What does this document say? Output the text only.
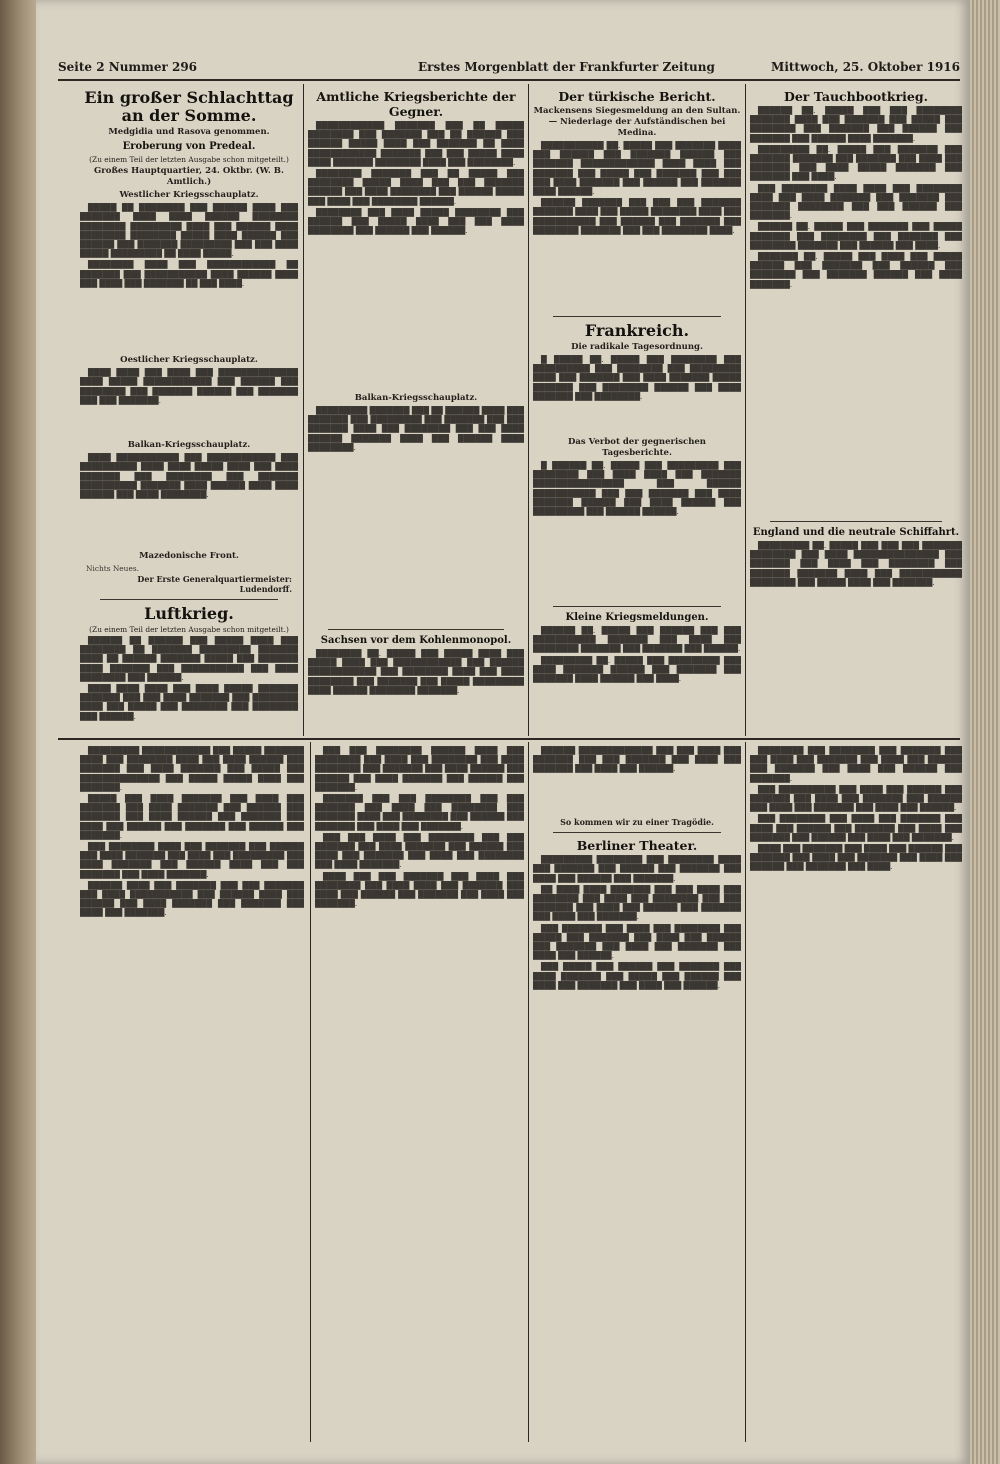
Seite 2 Nummer 296	Erstes Morgenblatt der Frankfurter Zeitung	Mittwoch, 25. Oktober 1916
Ein großer Schlachttag an der Somme.
Medgidia und Rasova genommen.
Eroberung von Predeal.
(Zu einem Teil der letzten Ausgabe schon mitgeteilt.)
Großes Hauptquartier, 24. Oktbr. (W. B. Amtlich.)
Westlicher Kriegsschauplatz.

█████ ██ ████████ ███ ██████ ████ ███ ███████ ████ ████ ██████ ████████ ████████ █████████ ████ ███ ██████ ████ ████████ ████████ █████ ████ ██████ ███ ██████ ███ ███████ █████████ ███ ███ ████ █████ █████████ ██ ████ █████.

████████ ████ ███ ████████████ ██ ███████ ███ ███████████ ████ ██████ ████ ███ ████ ███ ███████ ██ ███ ████.

Oestlicher Kriegsschauplatz.

████ ████ ███ ████ ███ ██████████████ ████ █████ ████████████ ███ ██████ ███ ████████ ███ ███████ ██████ ███ ███████ ███ ███ ███████.

Balkan-Kriegsschauplatz.

████ ███████████ ███ ████████████ ███ ██████████ ████ ████ █████ ████ ███ ████ ███████ ███ ████████ ███ ███████ ██████████ ███████ ████ ██████ ████ ████ ██████ ███ ████ ████████.

Mazedonische Front.
Nichts Neues.
Der Erste Generalquartiermeister: Ludendorff.
Luftkrieg.
(Zu einem Teil der letzten Ausgabe schon mitgeteilt.)

██████ ██ ██████ ███ █████ ████ ███ ████████ ██ ███████ █████████ ███████ ████ ██ ██████ ███████ █████ ███ ███████ ████ ███████ ███ ███████████ ███ ████ ████████ ███ ██████.

████ ████ ████ ███ ████ █████ ███████ ███████ ███ ███ ████ ███████ ███ ████████ ████ ███ █████ ███ ████████ ███ ████████ ███ ██████.

Amtliche Kriegsberichte der Gegner.

████████████ ███████ ███ ██ █████ ████████ ███ ███████ ███ ██ ██████ ███ ██████ █████ ████ ███ ███████ ██ ████ ████████████ ███████ ███ ███ █████ ████ ████ ███████ ████████ ████ ███ ████████.

████████ ███████ ███ ██ █████ ███ ████████ █████ ████ ███ ███ ███████ ██████ ███ ████ ████████ ███ ██████ █████ ███ ████ ███ ████████ ██████.

████████ ███ ████ █████ ████████ ███ ██████ ███ █████ ████ ███ ███ ████ ████████ ███ ██████ ███ ██████.

Balkan-Kriegsschauplatz.

█████████ ███████ ███ ██ ██████ ████ ███ ███████ ███ █████████ ███ ███████ ███ ███ ███████ ████ ███ ████████ ███ ███ ████ ██████ ███████ ████ ███ ██████ ████ ████████.

Sachsen vor dem Kohlenmonopol.

████████ ██. █████ ███ █████ ████ ███ █████ ████ ███ ████████████ ███ ██████ ████████████ ███ ████████ ████ ███ ████ ████████ ███ ███████ ███ █████ █████████ ████ ██████ ████████ ███████.

Der türkische Bericht.
Mackensens Siegesmeldung an den Sultan. — Niederlage der Aufständischen bei Medina.

███████████ ██. █████ ███ ███████ ████ ███ ██████ ███ ███████ ██████ ███ ███████ █████████████ ████ ████ ███ ███████ ███ █████ ███ ███████ ███ ███ ███ ████ ███████ ███ ██████ ███ ███████ ████ ██████.

██████ ███████ ███ ███ ███ ███████ ███████ ████ ███ █████ ████████ ████ ███ ███████████ ███ ██████ ███ ███████ ███ ████████ ███████ ███ ███ ████████ ████.

Frankreich.
Die radikale Tagesordnung.

█ █████ ██. █████ ███ ████████ ███ ██████████ ███ ████████ ███ █████████ ████ ███ ███████ ███ ████ ███████ █████ ███████ ███ ████████ ██████ ███ ████ ███████ ███ ████████.

Das Verbot der gegnerischen Tagesberichte.

█ ██████ ██. █████ ███ █████████ ███ ████████ ███ ████ ████ ███ ███████ ████████████████ ███ ██████ ███████████ ███ ███ ███████ ███ ████ ███████ ██████ ███ ████ ██████ ███ █████████ ███ ██████ ██████.

Kleine Kriegsmeldungen.

██████ ██. █████ ███ ██████ ███ ███ ███████████ ███████ ███ ████ ███ ████████ ███████ ███ ███████ ███ ██████.

█████████ ██. █████ ███ █████████ ███ ████ ███████ ██████ ███ ███████ ███ ███████ ████ ██████ ███ ████.

Der Tauchbootkrieg.

██████ ██. █████ ███ ███ ████████ ███████ ████ ███ ███████ ███ █████ ███ ████████ ███ ███████ ███ ██████ ███ ███████ ███ ██████ ████ ███████.

█████████ ██. █████ ███ ███████ ███ ███████ ███████ ███ ███████ ███ ████ ███ ███████ ███ ████ █████ ███████ ███ ███████ ███ ████.

███ ████████ ████ ████ ███ ████████ ████ ███ ████ ███████ ███ ███████ ███ ███████ ████████ ███ ███ ██████ ███ ███████.

██████ ██. █████ ███ ███████ ███ █████ ███████ ███ ████████ ███ ███████ ███ ████████ ███████ ███ ██████ ███ ████.

███████ ██. █████ ███ ████ ███ █████ ██████ ███ ███████ ███ ██████ ███ ████████ ███ ███████ ██████ ███ ████ ███████.

England und die neutrale Schiffahrt.

█████████ ██. █████ ███ ███ ███ ███████ ████████ ███ ████ ███████████████ ███ ███████ ███ ████ ███ ████████ ███ ███████ ███████ ████ ███ ███████████ ████████ ███ █████ ████ ███ ███████.

█████████ ████████████ ███ █████ ███████ ████ ███ ████████ ████ ███ ████ ██████ ███ ███████ ███ ████ ███████ ███ █████ ███ ██████████████ ███ █████ █████ ████ ███ ███████.

█████ ███ ████ ███████ ███ ████ ███ ███████ ███ ████ ███████ ███ ██████ ███ ███████ ███ ████ ██████ ███ ███████ ███ ████ ███ ██████ ███ ███████ ███ ██████ ███ ███████.

███ ████████ ████ ███ ███████ ███ ██████ ███ ████ ███████ ███ ████ ███ █████████ ███ ████ ███████ ███ ██████ ████ ███ ███ ███████ ███ ████ ███████.

██████ ████ ███ ███████ ███ ███ ███████ ███ ████ ███████████ ███ ██████ ████ ███ ██████ ███ ████ ███████ ███ ███████ ███ ████ ███ ███████.

███ ███ ████████ ██████ ████ ███ ████████ ███ ████ ███ ████████ ███ ████ ████████ ███ ███████ ███ ████ ██████ ███ ██████ ███ ████ ███████ ███ ██████ ███ ███████.

███████ ███ ███ ████████ ███ ███ ███████ ███ ████ ███ ████████ ███ ███████ ████ ███ ████████ ███ ██████ ███ ███████ ███ ████ ███ ███████.

███ ███ ████ ███ ████████ ███ ███ ███████ ███ ████ ███████ ███ ██████ ███ ████ ███ ███████ ███ ████ ███ ████████ ███ ████ ███████.

████ ███ ███ ███████ ███ ████ ███ ████████ ███ ████ ████ ███ ███████ ███ ████ ███ ██████ ███ ███████ ███ ████ ███ ███████.

██████ █████████████ ███ ███ ████ ███ ███████ ███ ███ ███████ ███ ████ ███ ███████ ███ ████ ███ ██████.

So kommen wir zu einer Tragödie.
Berliner Theater.

█████████ ████████ ███ ████████ ████ ███ ███████ ███ ██████ ███ ███████ ███ ████ ███ ██████ ███ ███████.

██ ████ ████ ███████ ███ ███ ████ ███ ████████ ███ ████ ███ ████████ ███ ███ ███████ ███ ████ ███ ██████ ███ ███████ ███ ████ ███ ███████.

███ ███████ ███ ████ ███ ████████ ███ █████ ███ ███████ ███ ████ ███ ██████ ███ ███████ ███ ████ ███ ███████ ███ ████ ███ ██████.

███ █████ ███ ██████ ███ ███████ ███ ████ ███████ ███ █████ ███ ██████ ███ ████ ███ ███████ ███ ████ ███ ██████.

████████ ███ ████████ ███ ███████ ███ ███ ████ ███ ███████ ███ ████ ███ ██████ ███ ███████ ███ ████ ███ ██████ ███ ███████.

███ ██████████ ███ ████ ███ ██████ ███ ███████ ███ ████ ███ ███████ ███ ██████ ███ ████ ███ ███████ ███ ████ ███ ██████.

███ ████████ ███ ████ ███ ███████ ███ ████ ███ ██████ ███ ███████ ███ ████ ███ ███████ ███ ██████ ███ ████ ███ ███████.

████ ███ ███████ ███ ████ ███ ██████ ███ ███████ ███ ████ ███ ███████ ███ ████ ███ ██████ ███ ███████ ███ ████.
